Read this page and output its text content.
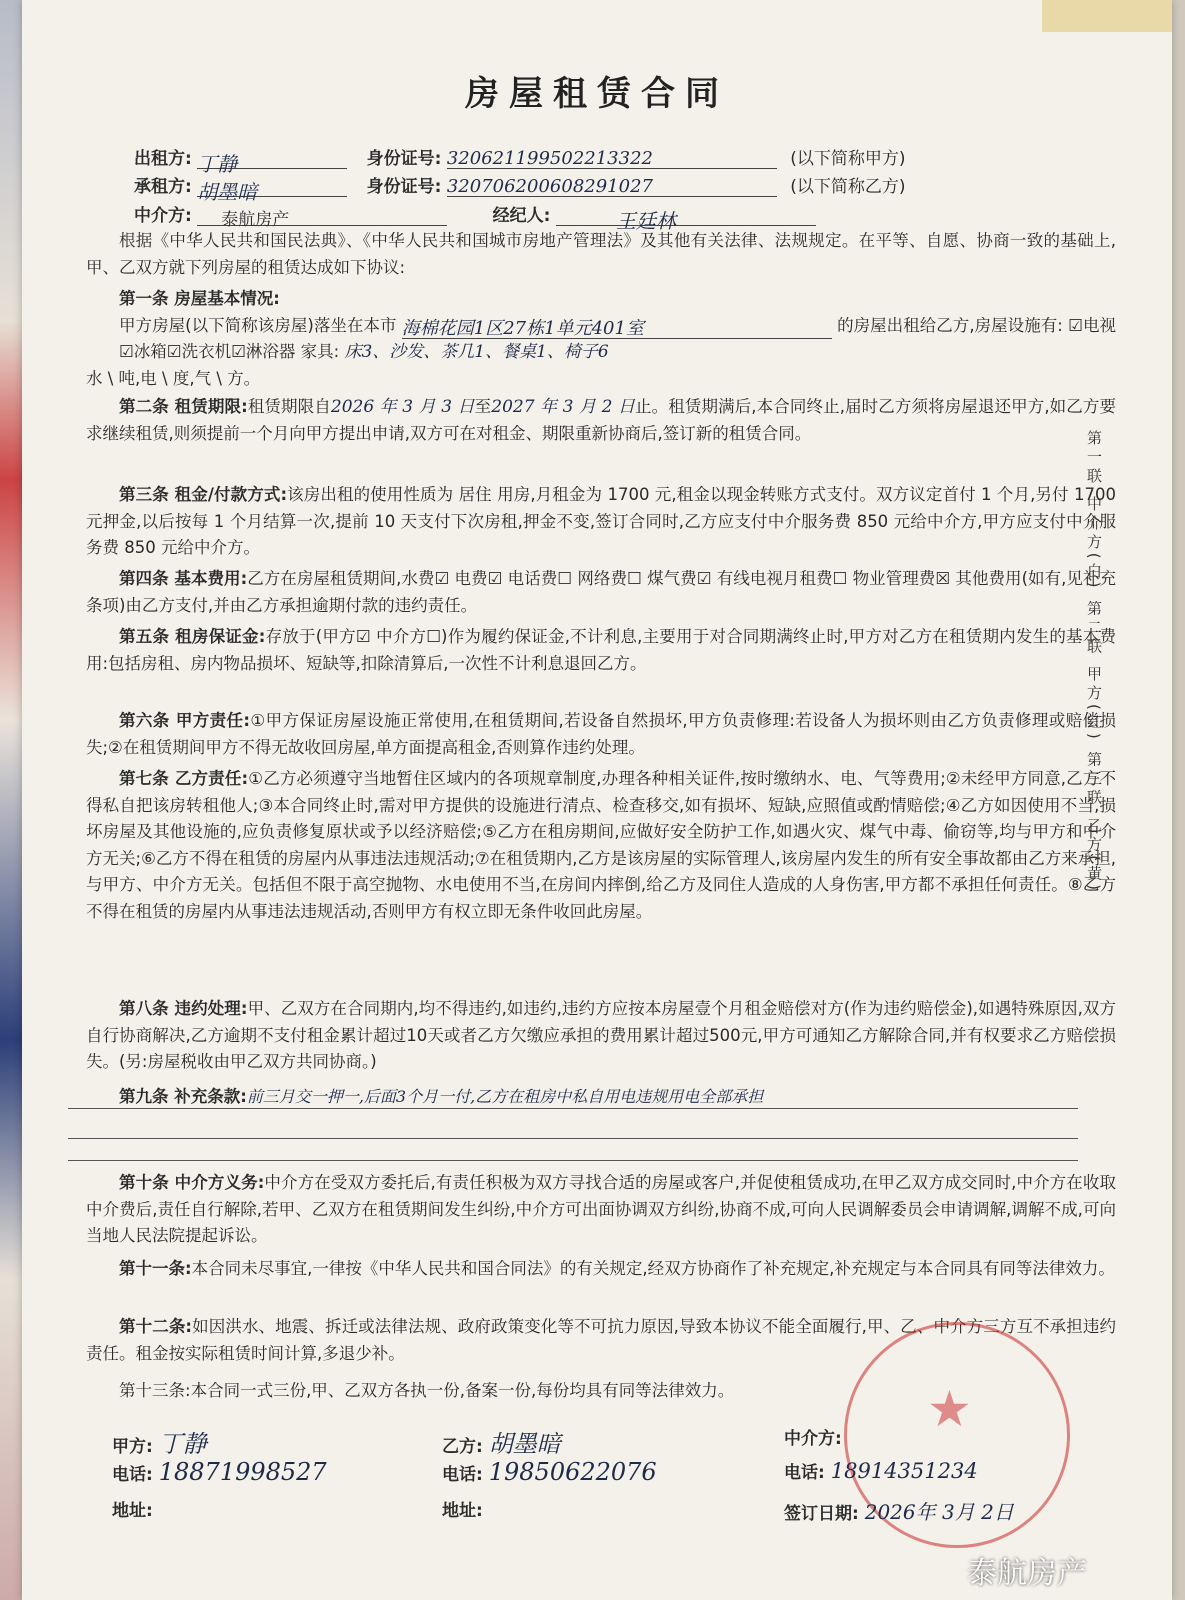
房屋租赁合同
出租方: 丁静	身份证号: 320621199502213322	(以下简称甲方)
承租方: 胡墨暗	身份证号: 320706200608291027	(以下简称乙方)
中介方: 泰航房产	经纪人:	王廷林
根据《中华人民共和国民法典》、《中华人民共和国城市房地产管理法》及其他有关法律、法规规定。在平等、自愿、协商一致的基础上,甲、乙双方就下列房屋的租赁达成如下协议:
第一条 房屋基本情况:
甲方房屋(以下简称该房屋)落坐在本市 海棉花园1区27栋1单元401室	的房屋出租给乙方,房屋设施有: ☑电视☑冰箱☑洗衣机☑淋浴器 家具: 床3、沙发、茶几1、餐桌1、椅子6
水 \ 吨,电 \ 度,气 \ 方。
第二条 租赁期限:租赁期限自2026 年 3 月 3 日至2027 年 3 月 2 日止。租赁期满后,本合同终止,届时乙方须将房屋退还甲方,如乙方要求继续租赁,则须提前一个月向甲方提出申请,双方可在对租金、期限重新协商后,签订新的租赁合同。
第三条 租金/付款方式:该房出租的使用性质为 居住 用房,月租金为 1700 元,租金以现金转账方式支付。双方议定首付 1 个月,另付 1700 元押金,以后按每 1 个月结算一次,提前 10 天支付下次房租,押金不变,签订合同时,乙方应支付中介服务费 850 元给中介方,甲方应支付中介服务费 850 元给中介方。
第四条 基本费用:乙方在房屋租赁期间,水费☑ 电费☑ 电话费☐ 网络费☐ 煤气费☑ 有线电视月租费☐ 物业管理费☒ 其他费用(如有,见补充条项)由乙方支付,并由乙方承担逾期付款的违约责任。
第五条 租房保证金:存放于(甲方☑ 中介方☐)作为履约保证金,不计利息,主要用于对合同期满终止时,甲方对乙方在租赁期内发生的基本费用:包括房租、房内物品损坏、短缺等,扣除清算后,一次性不计利息退回乙方。
第六条 甲方责任:①甲方保证房屋设施正常使用,在租赁期间,若设备自然损坏,甲方负责修理:若设备人为损坏则由乙方负责修理或赔偿损失;②在租赁期间甲方不得无故收回房屋,单方面提高租金,否则算作违约处理。
第七条 乙方责任:①乙方必须遵守当地暂住区域内的各项规章制度,办理各种相关证件,按时缴纳水、电、气等费用;②未经甲方同意,乙方不得私自把该房转租他人;③本合同终止时,需对甲方提供的设施进行清点、检查移交,如有损坏、短缺,应照值或酌情赔偿;④乙方如因使用不当,损坏房屋及其他设施的,应负责修复原状或予以经济赔偿;⑤乙方在租房期间,应做好安全防护工作,如遇火灾、煤气中毒、偷窃等,均与甲方和中介方无关;⑥乙方不得在租赁的房屋内从事违法违规活动;⑦在租赁期内,乙方是该房屋的实际管理人,该房屋内发生的所有安全事故都由乙方来承担,与甲方、中介方无关。包括但不限于高空抛物、水电使用不当,在房间内摔倒,给乙方及同住人造成的人身伤害,甲方都不承担任何责任。⑧乙方不得在租赁的房屋内从事违法违规活动,否则甲方有权立即无条件收回此房屋。
第八条 违约处理:甲、乙双方在合同期内,均不得违约,如违约,违约方应按本房屋壹个月租金赔偿对方(作为违约赔偿金),如遇特殊原因,双方自行协商解决,乙方逾期不支付租金累计超过10天或者乙方欠缴应承担的费用累计超过500元,甲方可通知乙方解除合同,并有权要求乙方赔偿损失。(另:房屋税收由甲乙双方共同协商。)
第九条 补充条款:前三月交一押一,后面3个月一付,乙方在租房中私自用电违规用电全部承担
第十条 中介方义务:中介方在受双方委托后,有责任积极为双方寻找合适的房屋或客户,并促使租赁成功,在甲乙双方成交同时,中介方在收取中介费后,责任自行解除,若甲、乙双方在租赁期间发生纠纷,中介方可出面协调双方纠纷,协商不成,可向人民调解委员会申请调解,调解不成,可向当地人民法院提起诉讼。
第十一条:本合同未尽事宜,一律按《中华人民共和国合同法》的有关规定,经双方协商作了补充规定,补充规定与本合同具有同等法律效力。
第十二条:如因洪水、地震、拆迁或法律法规、政府政策变化等不可抗力原因,导致本协议不能全面履行,甲、乙、中介方三方互不承担违约责任。租金按实际租赁时间计算,多退少补。
第十三条:本合同一式三份,甲、乙双方各执一份,备案一份,每份均具有同等法律效力。	★
甲方: 丁静
电话: 18871998527
地址:
乙方: 胡墨暗
电话: 19850622076
地址:
中介方:
电话: 18914351234
签订日期: 2026年 3月 2日
第一联 中介方(白) 第二联 甲方(红) 第三联 乙方(黄)
泰航房产
